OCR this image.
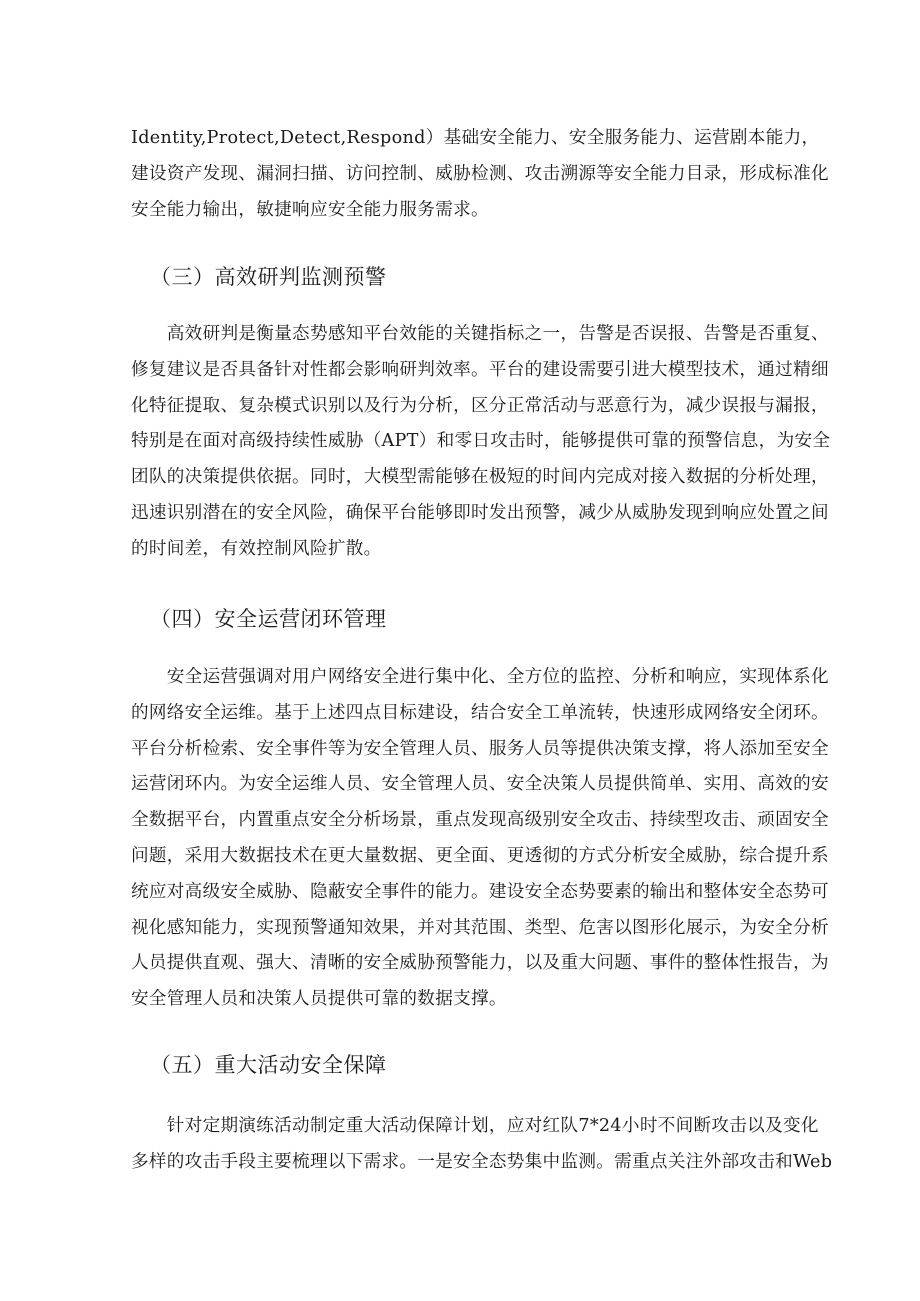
Identity,Protect,Detect,Respond）基础安全能力、安全服务能力、运营剧本能力，
建设资产发现、漏洞扫描、访问控制、威胁检测、攻击溯源等安全能力目录，形成标准化
安全能力输出，敏捷响应安全能力服务需求。
（三）高效研判监测预警
　　高效研判是衡量态势感知平台效能的关键指标之一，告警是否误报、告警是否重复、
修复建议是否具备针对性都会影响研判效率。平台的建设需要引进大模型技术，通过精细
化特征提取、复杂模式识别以及行为分析，区分正常活动与恶意行为，减少误报与漏报，
特别是在面对高级持续性威胁（APT）和零日攻击时，能够提供可靠的预警信息，为安全
团队的决策提供依据。同时，大模型需能够在极短的时间内完成对接入数据的分析处理，
迅速识别潜在的安全风险，确保平台能够即时发出预警，减少从威胁发现到响应处置之间
的时间差，有效控制风险扩散。
（四）安全运营闭环管理
　　安全运营强调对用户网络安全进行集中化、全方位的监控、分析和响应，实现体系化
的网络安全运维。基于上述四点目标建设，结合安全工单流转，快速形成网络安全闭环。
平台分析检索、安全事件等为安全管理人员、服务人员等提供决策支撑，将人添加至安全
运营闭环内。为安全运维人员、安全管理人员、安全决策人员提供简单、实用、高效的安
全数据平台，内置重点安全分析场景，重点发现高级别安全攻击、持续型攻击、顽固安全
问题，采用大数据技术在更大量数据、更全面、更透彻的方式分析安全威胁，综合提升系
统应对高级安全威胁、隐蔽安全事件的能力。建设安全态势要素的输出和整体安全态势可
视化感知能力，实现预警通知效果，并对其范围、类型、危害以图形化展示，为安全分析
人员提供直观、强大、清晰的安全威胁预警能力，以及重大问题、事件的整体性报告，为
安全管理人员和决策人员提供可靠的数据支撑。
（五）重大活动安全保障
　　针对定期演练活动制定重大活动保障计划，应对红队7*24小时不间断攻击以及变化
多样的攻击手段主要梳理以下需求。一是安全态势集中监测。需重点关注外部攻击和Web
